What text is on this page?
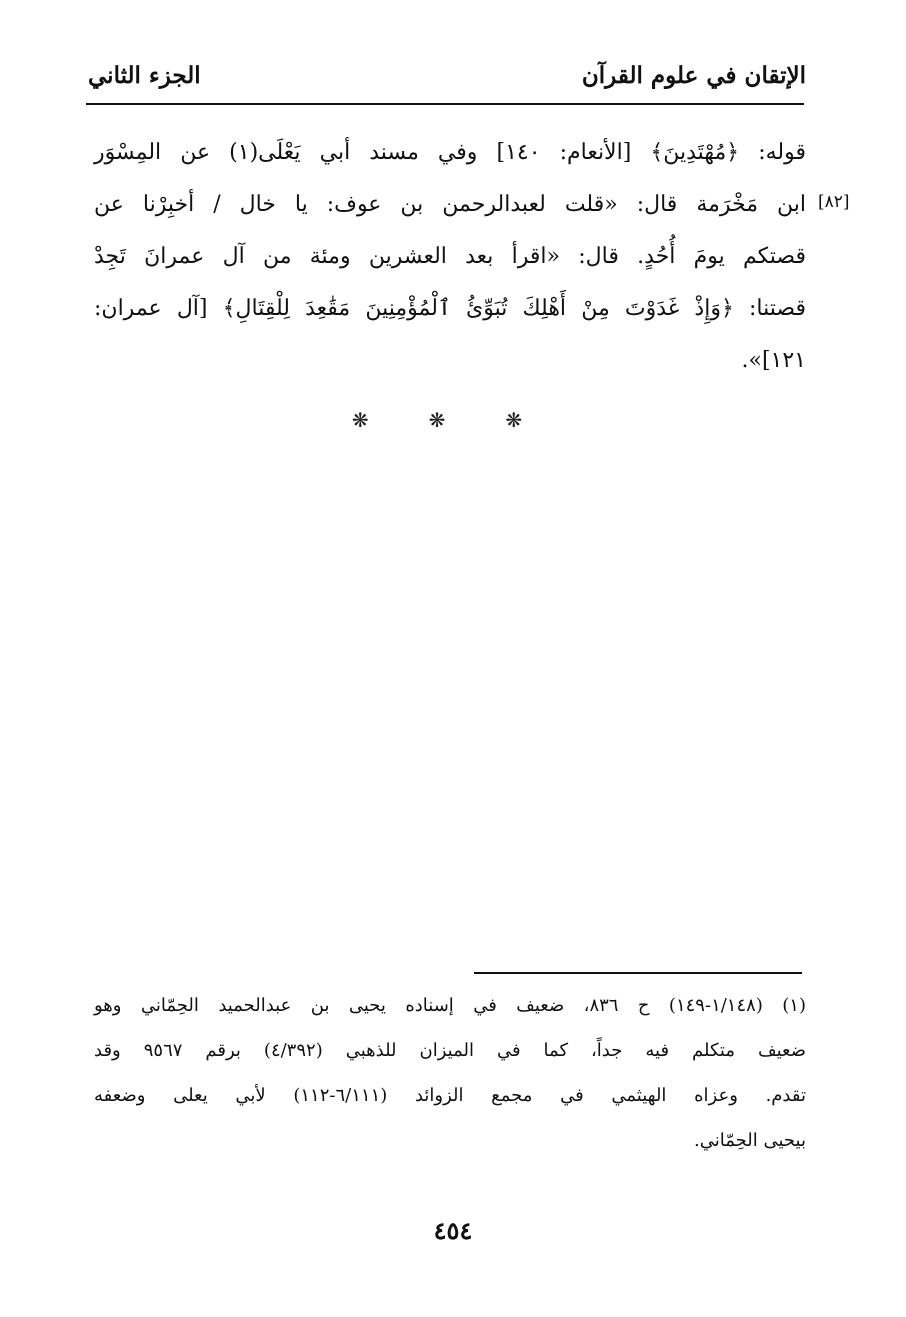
الإتقان في علوم القرآن
الجزء الثاني
[٨٢]
قوله: ﴿مُهْتَدِينَ﴾ [الأنعام: ١٤٠] وفي مسند أبي يَعْلَى(١) عن المِسْوَر
ابن مَخْرَمة قال: «قلت لعبدالرحمن بن عوف: يا خال / أخبِرْنا عن
قصتكم يومَ أُحُدٍ. قال: «اقرأ بعد العشرين ومئة من آل عمرانَ تَجِدْ
قصتنا: ﴿وَإِذْ غَدَوْتَ مِنْ أَهْلِكَ تُبَوِّئُ ٱلْمُؤْمِنِينَ مَقَٰعِدَ لِلْقِتَالِ﴾ [آل عمران:
١٢١]».
❋ ❋ ❋
(١) (١/١٤٨-١٤٩) ح ٨٣٦، ضعيف في إسناده يحيى بن عبدالحميد الحِمّاني وهو
ضعيف متكلم فيه جداً، كما في الميزان للذهبي (٤/٣٩٢) برقم ٩٥٦٧ وقد
تقدم. وعزاه الهيثمي في مجمع الزوائد (٦/١١١-١١٢) لأبي يعلى وضعفه
بيحيى الحِمّاني.
٤٥٤
